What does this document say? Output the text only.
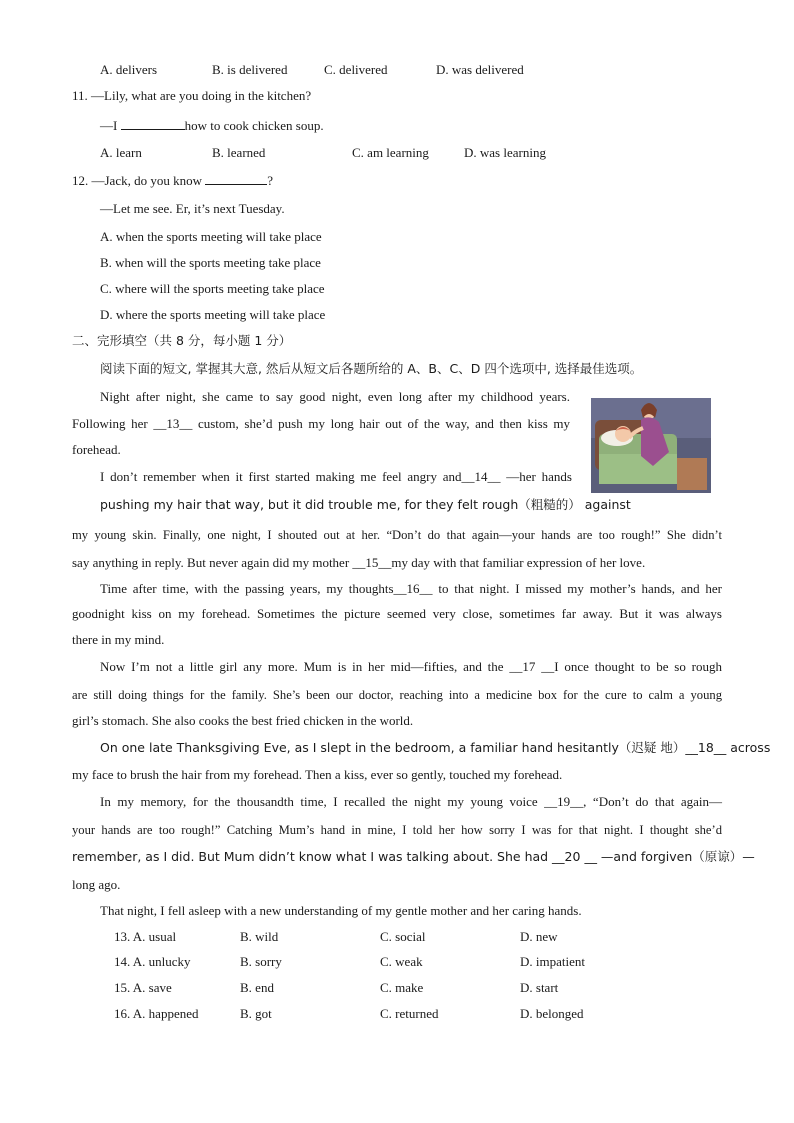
A. delivers	B. is delivered	C. delivered	D. was delivered
11. —Lily, what are you doing in the kitchen?
—I	how to cook chicken soup.
A. learn	B. learned	C. am learning	D. was learning
12. —Jack, do you know	?
—Let me see. Er, it’s next Tuesday.
A. when the sports meeting will take place
B. when will the sports meeting take place
C. where will the sports meeting take place
D. where the sports meeting will take place
二、完形填空（共 8 分，每小题 1 分）
阅读下面的短文, 掌握其大意, 然后从短文后各题所给的 A、B、C、D 四个选项中, 选择最佳选项。
Night after night, she came to say good night, even long after my childhood years.
Following her __13__ custom, she’d push my long hair out of the way, and then kiss my
forehead.
I don’t remember when it first started making me feel angry and__14__ —her hands
pushing my hair that way, but it did trouble me, for they felt rough（粗糙的） against
my young skin. Finally, one night, I shouted out at her. “Don’t do that again—your hands are too rough!” She didn’t
say anything in reply. But never again did my mother __15__my day with that familiar expression of her love.
Time after time, with the passing years, my thoughts__16__ to that night. I missed my mother’s hands, and her
goodnight kiss on my forehead. Sometimes the picture seemed very close, sometimes far away. But it was always
there in my mind.
Now I’m not a little girl any more. Mum is in her mid—fifties, and the __17 __I once thought to be so rough
are still doing things for the family. She’s been our doctor, reaching into a medicine box for the cure to calm a young
girl’s stomach. She also cooks the best fried chicken in the world.
On one late Thanksgiving Eve, as I slept in the bedroom, a familiar hand hesitantly（迟疑 地）__18__ across
my face to brush the hair from my forehead. Then a kiss, ever so gently, touched my forehead.
In my memory, for the thousandth time, I recalled the night my young voice __19__, “Don’t do that again—
your hands are too rough!” Catching Mum’s hand in mine, I told her how sorry I was for that night. I thought she’d
remember, as I did. But Mum didn’t know what I was talking about. She had __20 __ —and forgiven（原谅）—
long ago.
That night, I fell asleep with a new understanding of my gentle mother and her caring hands.
13. A. usual	B. wild	C. social	D. new
14. A. unlucky	B. sorry	C. weak	D. impatient
15. A. save	B. end	C. make	D. start
16. A. happened	B. got	C. returned	D. belonged
